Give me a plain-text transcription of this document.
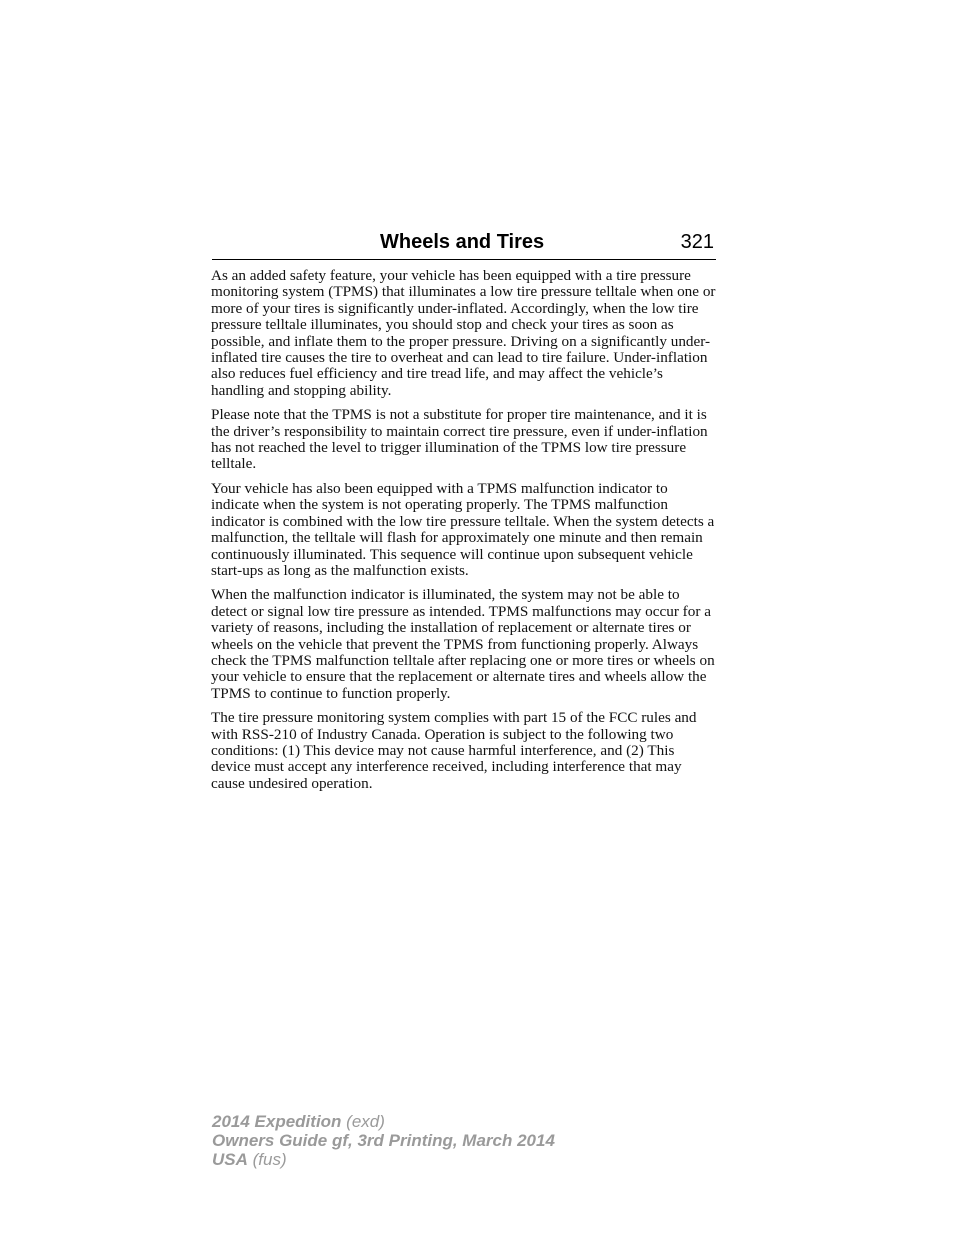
Wheels and Tires	321

As an added safety feature, your vehicle has been equipped with a tire pressure monitoring system (TPMS) that illuminates a low tire pressure telltale when one or more of your tires is significantly under-inflated. Accordingly, when the low tire pressure telltale illuminates, you should stop and check your tires as soon as possible, and inflate them to the proper pressure. Driving on a significantly under-inflated tire causes the tire to overheat and can lead to tire failure. Under-inflation also reduces fuel efficiency and tire tread life, and may affect the vehicle’s handling and stopping ability.

Please note that the TPMS is not a substitute for proper tire maintenance, and it is the driver’s responsibility to maintain correct tire pressure, even if under-inflation has not reached the level to trigger illumination of the TPMS low tire pressure telltale.

Your vehicle has also been equipped with a TPMS malfunction indicator to indicate when the system is not operating properly. The TPMS malfunction indicator is combined with the low tire pressure telltale. When the system detects a malfunction, the telltale will flash for approximately one minute and then remain continuously illuminated. This sequence will continue upon subsequent vehicle start-ups as long as the malfunction exists.

When the malfunction indicator is illuminated, the system may not be able to detect or signal low tire pressure as intended. TPMS malfunctions may occur for a variety of reasons, including the installation of replacement or alternate tires or wheels on the vehicle that prevent the TPMS from functioning properly. Always check the TPMS malfunction telltale after replacing one or more tires or wheels on your vehicle to ensure that the replacement or alternate tires and wheels allow the TPMS to continue to function properly.

The tire pressure monitoring system complies with part 15 of the FCC rules and with RSS-210 of Industry Canada. Operation is subject to the following two conditions: (1) This device may not cause harmful interference, and (2) This device must accept any interference received, including interference that may cause undesired operation.

2014 Expedition (exd)
Owners Guide gf, 3rd Printing, March 2014
USA (fus)
